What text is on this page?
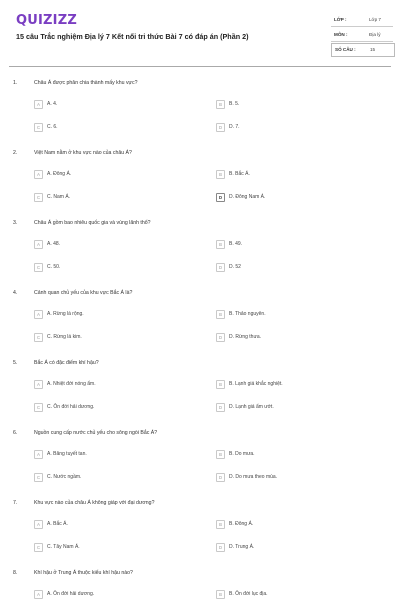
QUIZIZZ
15 câu Trắc nghiệm Địa lý 7 Kết nối tri thức Bài 7 có đáp án (Phần 2)
LỚP :	Lớp 7
MÔN :	Địa lý
SỐ CÂU :	15
1.	Châu Á được phân chia thành mấy khu vực?
A	A. 4.	B	B. 5.
C	C. 6.	D	D. 7.
2.	Việt Nam nằm ở khu vực nào của châu Á?
A	A. Đông Á.	B	B. Bắc Á.
C	C. Nam Á.	D	D. Đông Nam Á.
3.	Châu Á gồm bao nhiêu quốc gia và vùng lãnh thổ?
A	A. 48.	B	B. 49.
C	C. 50.	D	D. 52
4.	Cảnh quan chủ yếu của khu vực Bắc Á là?
A	A. Rừng lá rộng.	B	B. Thảo nguyên.
C	C. Rừng lá kim.	D	D. Rừng thưa.
5.	Bắc Á có đặc điểm khí hậu?
A	A. Nhiệt đới nóng ẩm.	B	B. Lạnh giá khắc nghiệt.
C	C. Ôn đới hải dương.	D	D. Lạnh giá ẩm ướt.
6.	Nguồn cung cấp nước chủ yếu cho sông ngòi Bắc Á?
A	A. Băng tuyết tan.	B	B. Do mưa.
C	C. Nước ngầm.	D	D. Do mưa theo mùa.
7.	Khu vực nào của châu Á không giáp với đại dương?
A	A. Bắc Á.	B	B. Đông Á.
C	C. Tây Nam Á.	D	D. Trung Á.
8.	Khí hậu ở Trung Á thuộc kiểu khí hậu nào?
A	A. Ôn đới hải dương.	B	B. Ôn đới lục địa.
